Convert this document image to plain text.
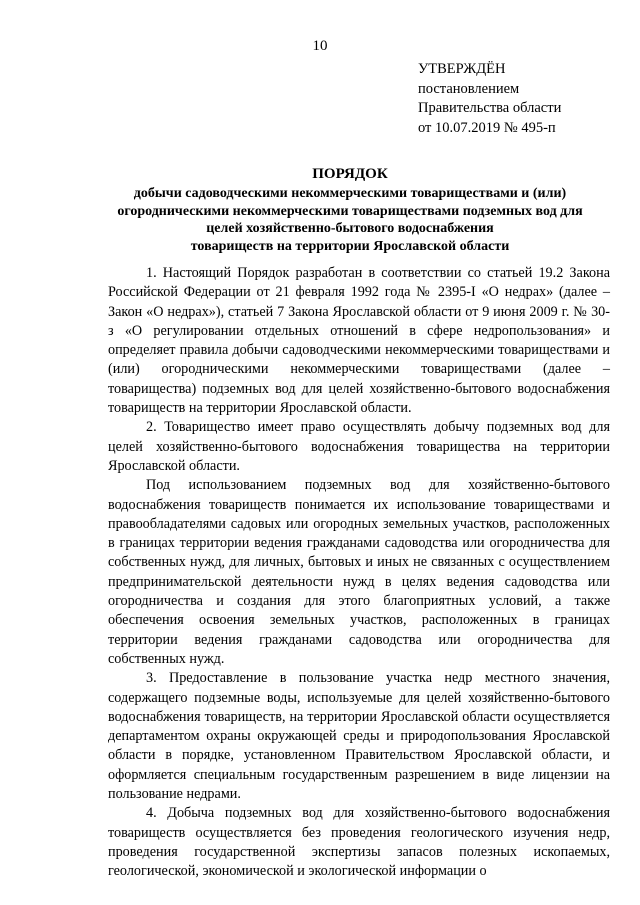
10
УТВЕРЖДЁН
постановлением
Правительства области
от 10.07.2019 № 495-п
ПОРЯДОК
добычи садоводческими некоммерческими товариществами и (или)
огородническими некоммерческими товариществами подземных вод для
целей хозяйственно-бытового водоснабжения
товариществ на территории Ярославской области

1. Настоящий Порядок разработан в соответствии со статьей 19.2 Закона Российской Федерации от 21 февраля 1992 года № 2395-I «О недрах» (далее – Закон «О недрах»), статьей 7 Закона Ярославской области от 9 июня 2009 г. № 30-з «О регулировании отдельных отношений в сфере недропользования» и определяет правила добычи садоводческими некоммерческими товариществами и (или) огородническими некоммерческими товариществами (далее – товарищества) подземных вод для целей хозяйственно-бытового водоснабжения товариществ на территории Ярославской области.

2. Товарищество имеет право осуществлять добычу подземных вод для целей хозяйственно-бытового водоснабжения товарищества на территории Ярославской области.

Под использованием подземных вод для хозяйственно-бытового водоснабжения товариществ понимается их использование товариществами и правообладателями садовых или огородных земельных участков, расположенных в границах территории ведения гражданами садоводства или огородничества для собственных нужд, для личных, бытовых и иных не связанных с осуществлением предпринимательской деятельности нужд в целях ведения садоводства или огородничества и создания для этого благоприятных условий, а также обеспечения освоения земельных участков, расположенных в границах территории ведения гражданами садоводства или огородничества для собственных нужд.

3. Предоставление в пользование участка недр местного значения, содержащего подземные воды, используемые для целей хозяйственно-бытового водоснабжения товариществ, на территории Ярославской области осуществляется департаментом охраны окружающей среды и природопользования Ярославской области в порядке, установленном Правительством Ярославской области, и оформляется специальным государственным разрешением в виде лицензии на пользование недрами.

4. Добыча подземных вод для хозяйственно-бытового водоснабжения товариществ осуществляется без проведения геологического изучения недр, проведения государственной экспертизы запасов полезных ископаемых, геологической, экономической и экологической информации о
